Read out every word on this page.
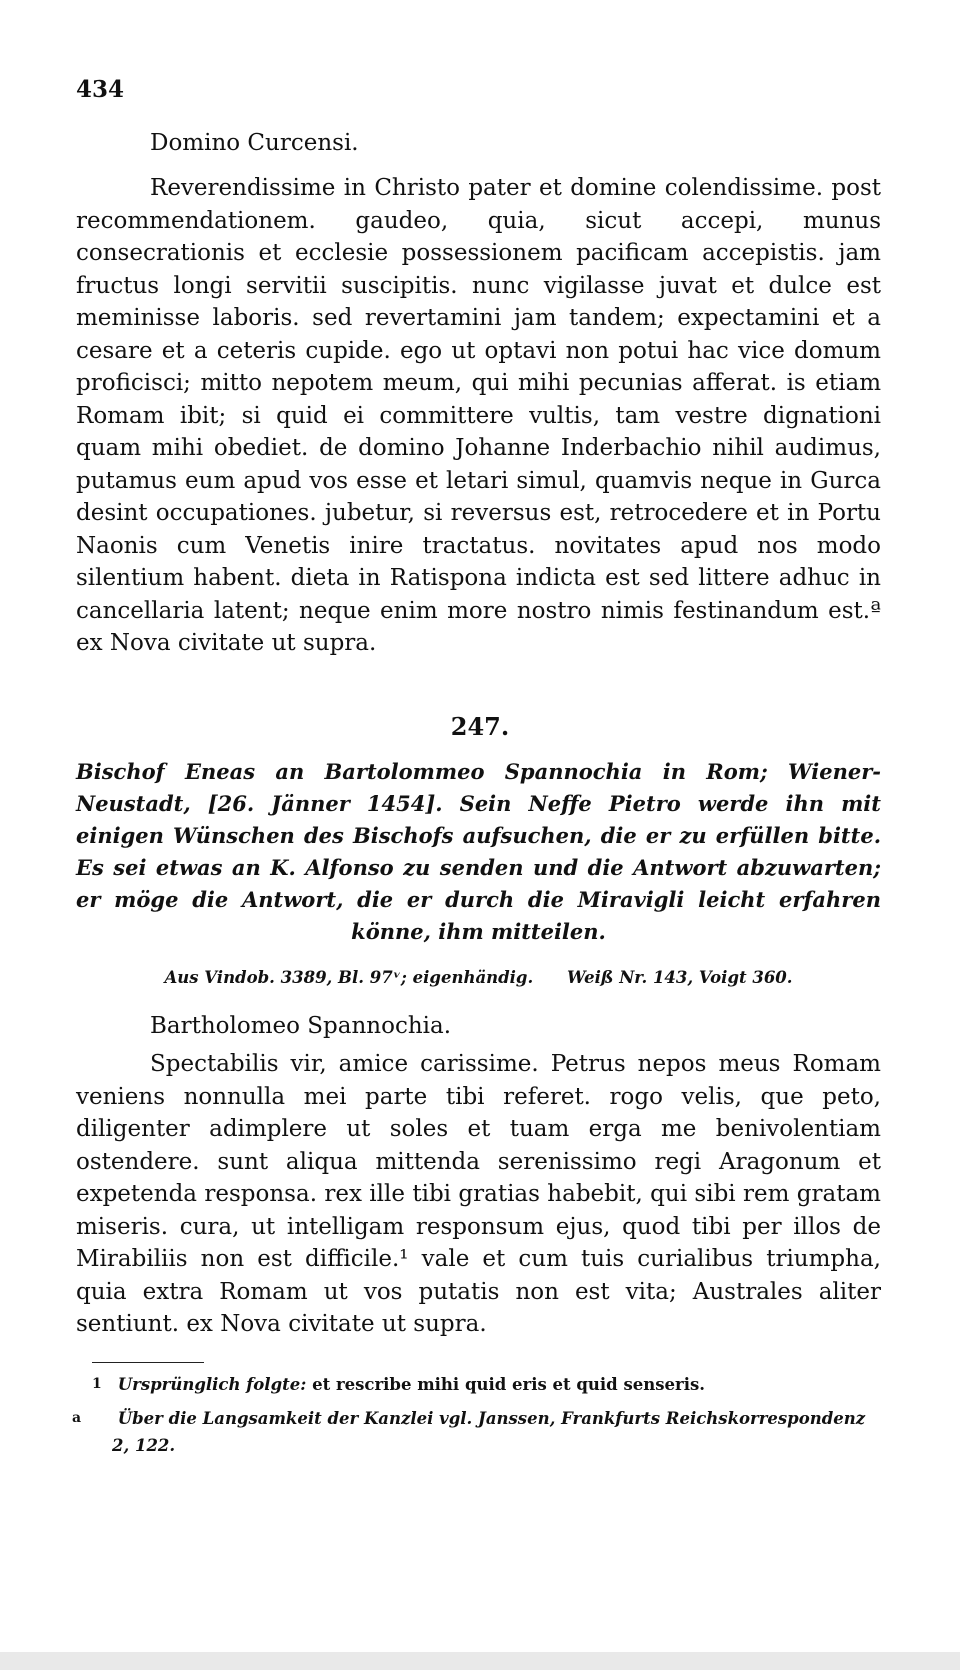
434
Domino Curcensi.

Reverendissime in Christo pater et domine colendissime. post recommendationem. gaudeo, quia, sicut accepi, munus consecrationis et ecclesie possessionem pacificam accepistis. jam fructus longi servitii suscipitis. nunc vigilasse juvat et dulce est meminisse laboris. sed revertamini jam tandem; expectamini et a cesare et a ceteris cupide. ego ut optavi non potui hac vice domum proficisci; mitto nepotem meum, qui mihi pecunias afferat. is etiam Romam ibit; si quid ei committere vultis, tam vestre dignationi quam mihi obediet. de domino Johanne Inderbachio nihil audimus, putamus eum apud vos esse et letari simul, quamvis neque in Gurca desint occupationes. jubetur, si reversus est, retrocedere et in Portu Naonis cum Venetis inire tractatus. novitates apud nos modo silentium habent. dieta in Ratispona indicta est sed littere adhuc in cancellaria latent; neque enim more nostro nimis festinandum est.ª ex Nova civitate ut supra.

247.
Bischof Eneas an Bartolommeo Spannochia in Rom; Wiener-Neustadt, [26. Jänner 1454]. Sein Neffe Pietro werde ihn mit einigen Wünschen des Bischofs aufsuchen, die er zu erfüllen bitte. Es sei etwas an K. Alfonso zu senden und die Antwort abzuwarten; er möge die Antwort, die er durch die Miravigli leicht erfahren könne, ihm mitteilen.
Aus Vindob. 3389, Bl. 97ᵛ; eigenhändig. Weiß Nr. 143, Voigt 360.
Bartholomeo Spannochia.

Spectabilis vir, amice carissime. Petrus nepos meus Romam veniens nonnulla mei parte tibi referet. rogo velis, que peto, diligenter adimplere ut soles et tuam erga me benivolentiam ostendere. sunt aliqua mittenda serenissimo regi Aragonum et expetenda responsa. rex ille tibi gratias habebit, qui sibi rem gratam miseris. cura, ut intelligam responsum ejus, quod tibi per illos de Mirabiliis non est difficile.¹ vale et cum tuis curialibus triumpha, quia extra Romam ut vos putatis non est vita; Australes aliter sentiunt. ex Nova civitate ut supra.

1 Ursprünglich folgte: et rescribe mihi quid eris et quid senseris.
a Über die Langsamkeit der Kanzlei vgl. Janssen, Frankfurts Reichskorrespondenz 2, 122.
